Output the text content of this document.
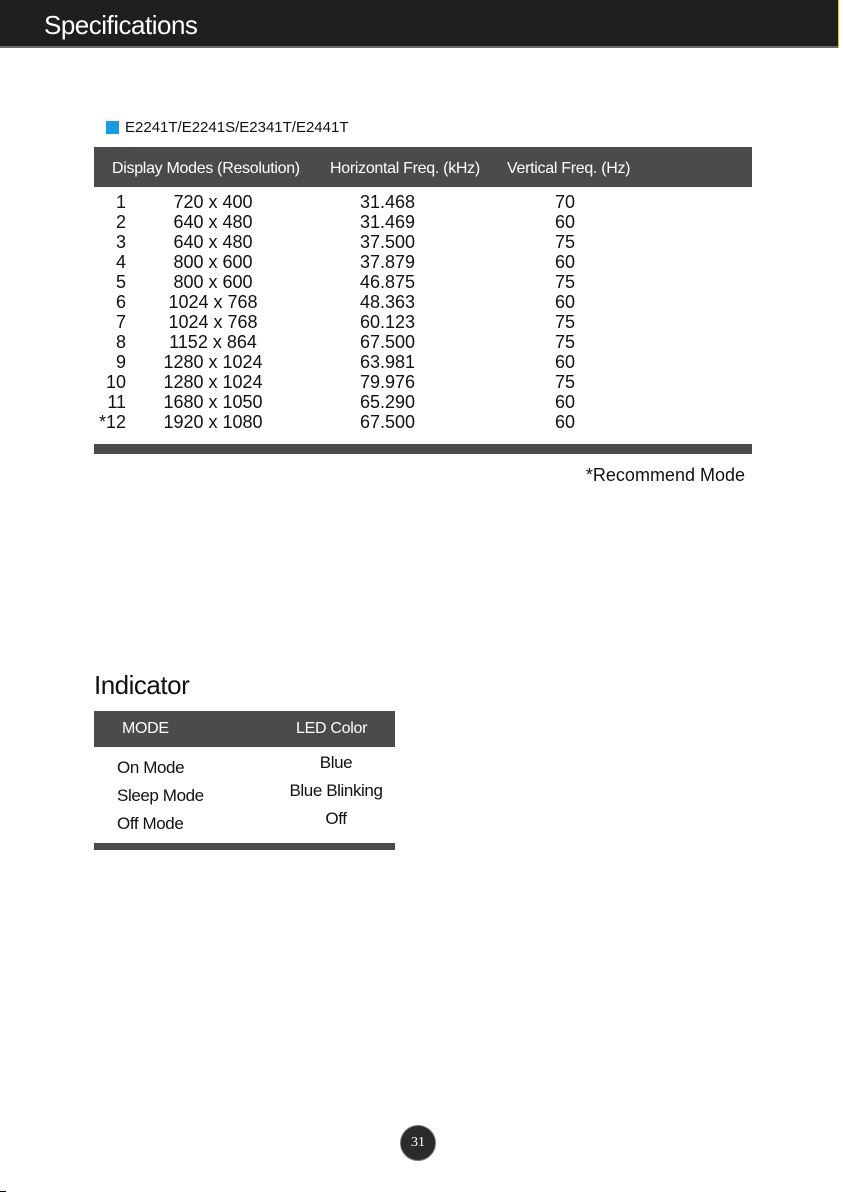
Specifications
E2241T/E2241S/E2341T/E2441T
Display Modes (Resolution) Horizontal Freq. (kHz) Vertical Freq. (Hz)
1	720 x 400	31.468	70
2	640 x 480	31.469	60
3	640 x 480	37.500	75
4	800 x 600	37.879	60
5	800 x 600	46.875	75
6	1024 x 768	48.363	60
7	1024 x 768	60.123	75
8	1152 x 864	67.500	75
9	1280 x 1024	63.981	60
10	1280 x 1024	79.976	75
11	1680 x 1050	65.290	60
*12	1920 x 1080	67.500	60
*Recommend Mode
Indicator
MODE	LED Color
On Mode	Blue
Sleep Mode	Blue Blinking
Off Mode	Off
31
